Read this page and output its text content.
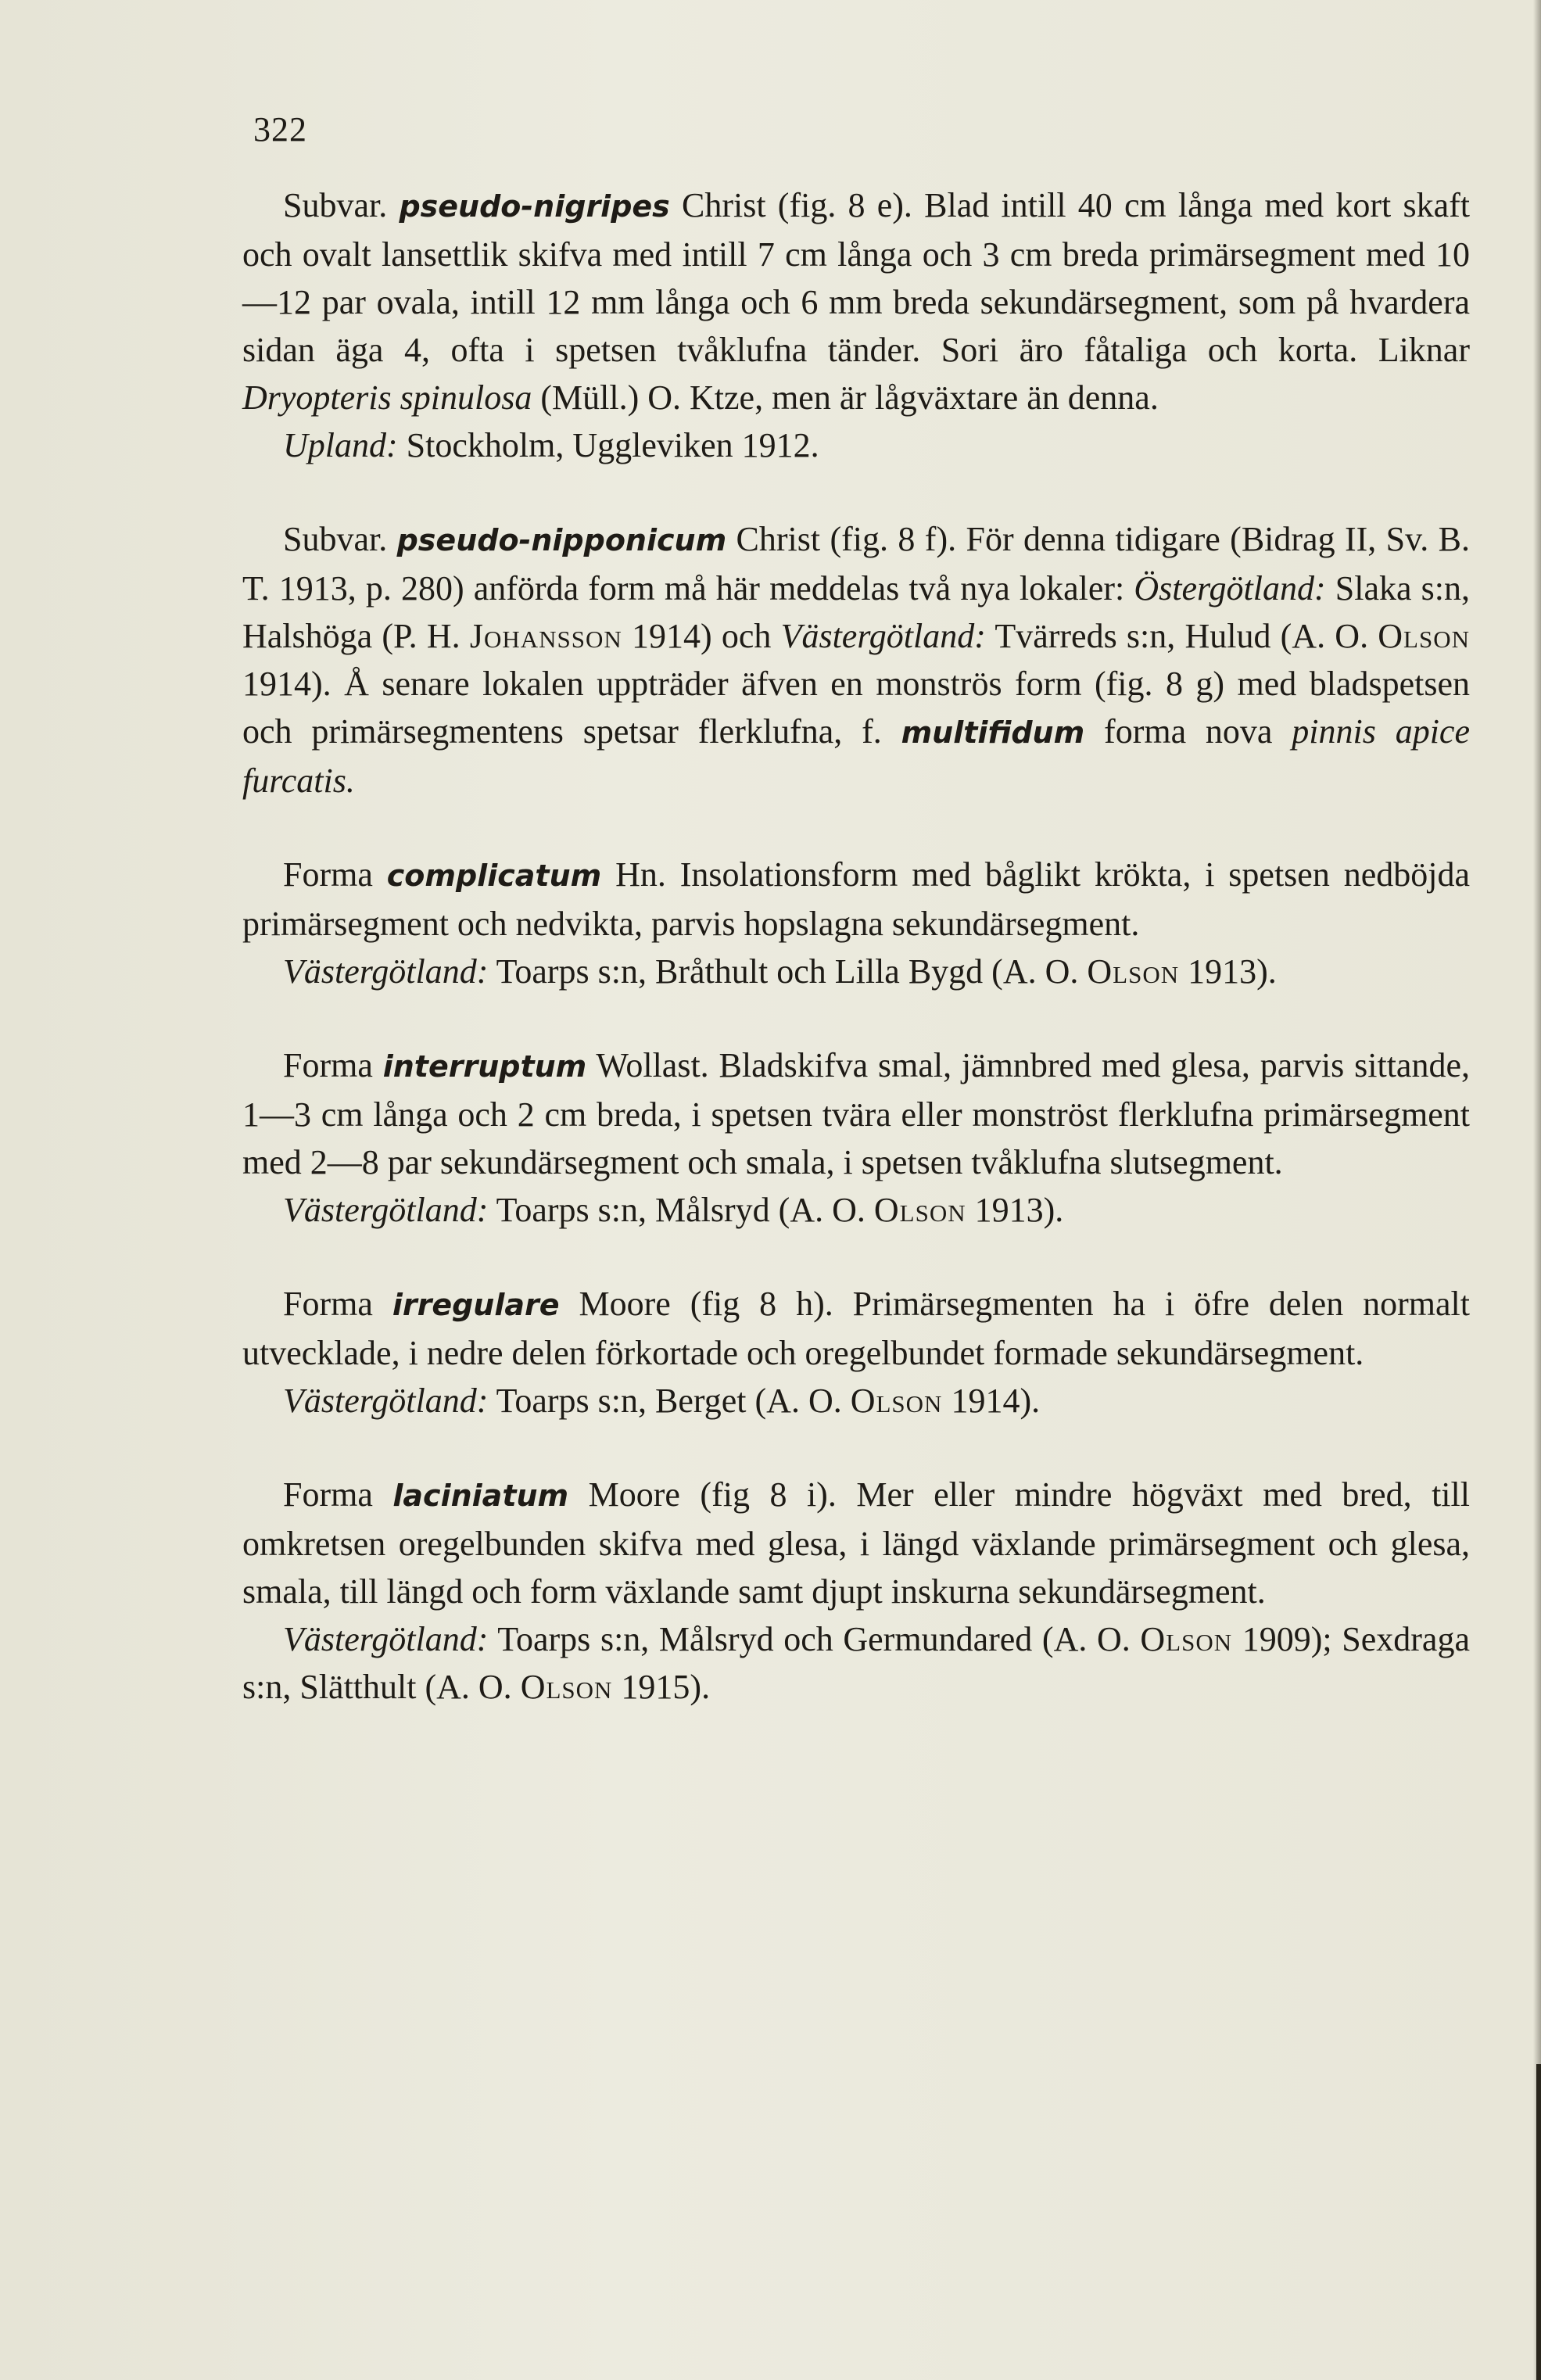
322

Subvar. pseudo-nigripes Christ (fig. 8 e). Blad intill 40 cm långa med kort skaft och ovalt lansettlik skifva med intill 7 cm långa och 3 cm breda primärsegment med 10—12 par ovala, intill 12 mm långa och 6 mm breda sekundärsegment, som på hvardera sidan äga 4, ofta i spetsen tvåklufna tänder. Sori äro fåtaliga och korta. Liknar Dryopteris spinulosa (Müll.) O. Ktze, men är lågväxtare än denna.

Upland: Stockholm, Uggleviken 1912.

Subvar. pseudo-nipponicum Christ (fig. 8 f). För denna tidigare (Bidrag II, Sv. B. T. 1913, p. 280) anförda form må här meddelas två nya lokaler: Östergötland: Slaka s:n, Halshöga (P. H. Johansson 1914) och Västergötland: Tvärreds s:n, Hulud (A. O. Olson 1914). Å senare lokalen uppträder äfven en monströs form (fig. 8 g) med bladspetsen och primärsegmentens spetsar flerklufna, f. multifidum forma nova pinnis apice furcatis.

Forma complicatum Hn. Insolationsform med båglikt krökta, i spetsen nedböjda primärsegment och nedvikta, parvis hopslagna sekundärsegment.

Västergötland: Toarps s:n, Bråthult och Lilla Bygd (A. O. Olson 1913).

Forma interruptum Wollast. Bladskifva smal, jämnbred med glesa, parvis sittande, 1—3 cm långa och 2 cm breda, i spetsen tvära eller monströst flerklufna primärsegment med 2—8 par sekundärsegment och smala, i spetsen tvåklufna slutsegment.

Västergötland: Toarps s:n, Målsryd (A. O. Olson 1913).

Forma irregulare Moore (fig 8 h). Primärsegmenten ha i öfre delen normalt utvecklade, i nedre delen förkortade och oregelbundet formade sekundärsegment.

Västergötland: Toarps s:n, Berget (A. O. Olson 1914).

Forma laciniatum Moore (fig 8 i). Mer eller mindre högväxt med bred, till omkretsen oregelbunden skifva med glesa, i längd växlande primärsegment och glesa, smala, till längd och form växlande samt djupt inskurna sekundärsegment.

Västergötland: Toarps s:n, Målsryd och Germundared (A. O. Olson 1909); Sexdraga s:n, Slätthult (A. O. Olson 1915).
